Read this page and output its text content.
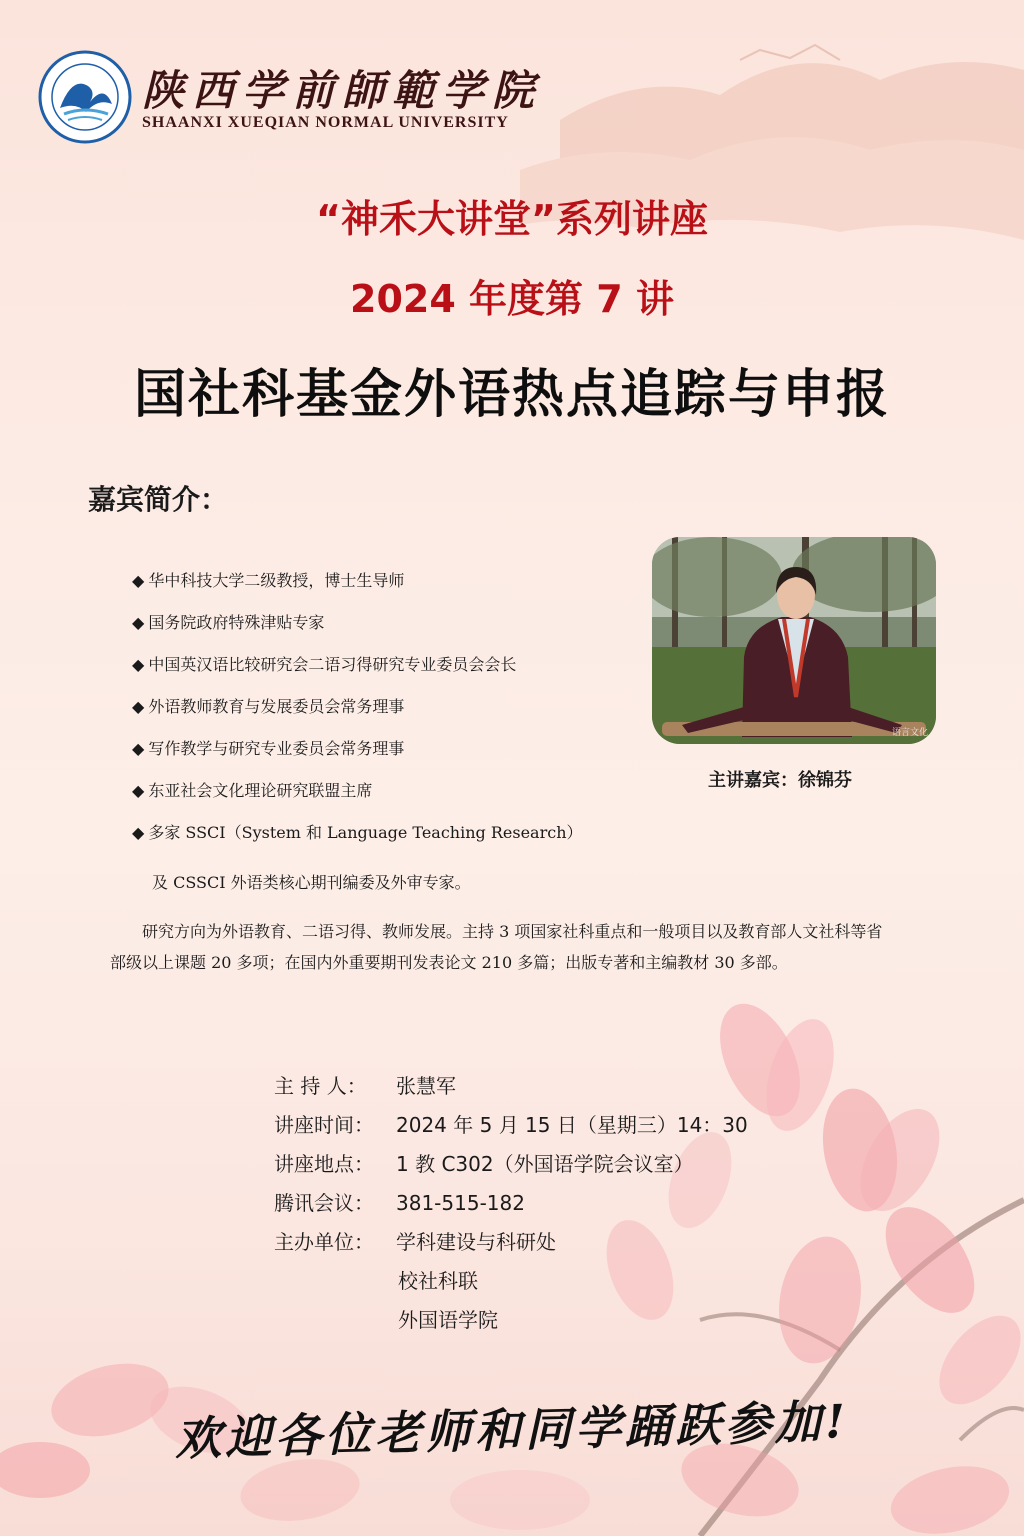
陕西学前師範学院
SHAANXI XUEQIAN NORMAL UNIVERSITY
“神禾大讲堂”系列讲座
2024 年度第 7 讲
国社科基金外语热点追踪与申报
嘉宾简介：
◆ 华中科技大学二级教授，博士生导师
◆ 国务院政府特殊津贴专家
◆ 中国英汉语比较研究会二语习得研究专业委员会会长
◆ 外语教师教育与发展委员会常务理事
◆ 写作教学与研究专业委员会常务理事
◆ 东亚社会文化理论研究联盟主席
◆ 多家 SSCI（System 和 Language Teaching Research）
及 CSSCI 外语类核心期刊编委及外审专家。

研究方向为外语教育、二语习得、教师发展。主持 3 项国家社科重点和一般项目以及教育部人文社科等省部级以上课题 20 多项；在国内外重要期刊发表论文 210 多篇；出版专著和主编教材 30 多部。

语言文化
主讲嘉宾：徐锦芬
主 持 人： 张慧军
讲座时间： 2024 年 5 月 15 日（星期三）14：30
讲座地点： 1 教 C302（外国语学院会议室）
腾讯会议： 381-515-182
主办单位： 学科建设与科研处
校社科联
外国语学院
欢迎各位老师和同学踊跃参加!
